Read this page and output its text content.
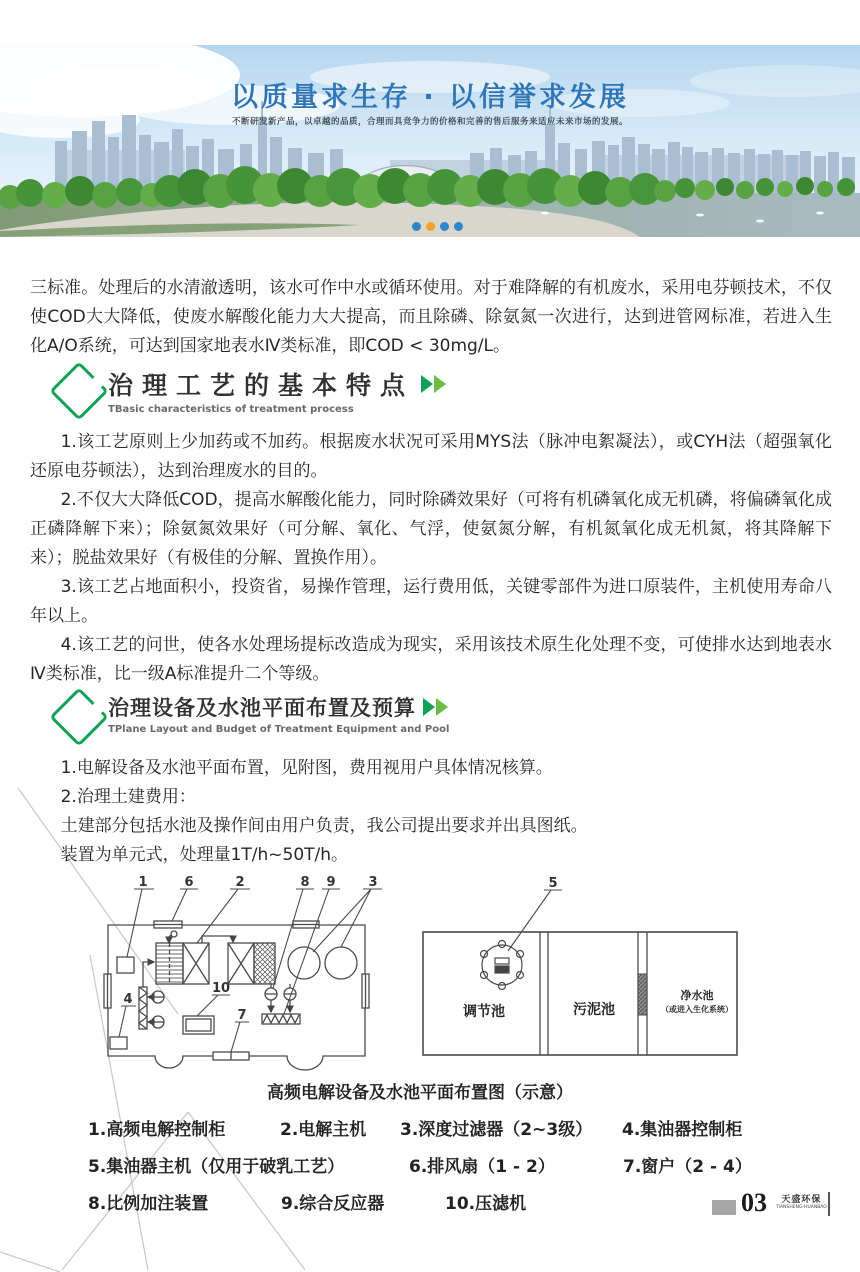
以质量求生存 · 以信誉求发展
不断研发新产品，以卓越的品质，合理而具竞争力的价格和完善的售后服务来适应未来市场的发展。

三标准。处理后的水清澈透明，该水可作中水或循环使用。对于难降解的有机废水，采用电芬顿技术，不仅使COD大大降低，使废水解酸化能力大大提高，而且除磷、除氨氮一次进行，达到进管网标准，若进入生化A/O系统，可达到国家地表水Ⅳ类标准，即COD < 30mg/L。

治理工艺的基本特点
TBasic characteristics of treatment process

1.该工艺原则上少加药或不加药。根据废水状况可采用MYS法（脉冲电絮凝法），或CYH法（超强氧化还原电芬顿法），达到治理废水的目的。

2.不仅大大降低COD，提高水解酸化能力，同时除磷效果好（可将有机磷氧化成无机磷，将偏磷氧化成正磷降解下来）；除氨氮效果好（可分解、氧化、气浮，使氨氮分解，有机氮氧化成无机氮，将其降解下来）；脱盐效果好（有极佳的分解、置换作用）。

3.该工艺占地面积小，投资省，易操作管理，运行费用低，关键零部件为进口原装件，主机使用寿命八年以上。

4.该工艺的问世，使各水处理场提标改造成为现实，采用该技术原生化处理不变，可使排水达到地表水Ⅳ类标准，比一级A标准提升二个等级。

治理设备及水池平面布置及预算
TPlane Layout and Budget of Treatment Equipment and Pool

1.电解设备及水池平面布置，见附图，费用视用户具体情况核算。

2.治理土建费用：

土建部分包括水池及操作间由用户负责，我公司提出要求并出具图纸。

装置为单元式，处理量1T/h~50T/h。

1	6	2	8 9	3
4
10
7
5
调节池	污泥池
净水池
（或进入生化系统）
高频电解设备及水池平面布置图（示意）
1.高频电解控制柜	2.电解主机 3.深度过滤器（2~3级） 4.集油器控制柜
5.集油器主机（仅用于破乳工艺）	6.排风扇（1 - 2）	7.窗户（2 - 4）
8.比例加注装置	9.综合反应器	10.压滤机	03	天盛环保
TIANSHENG-HUANBAO
